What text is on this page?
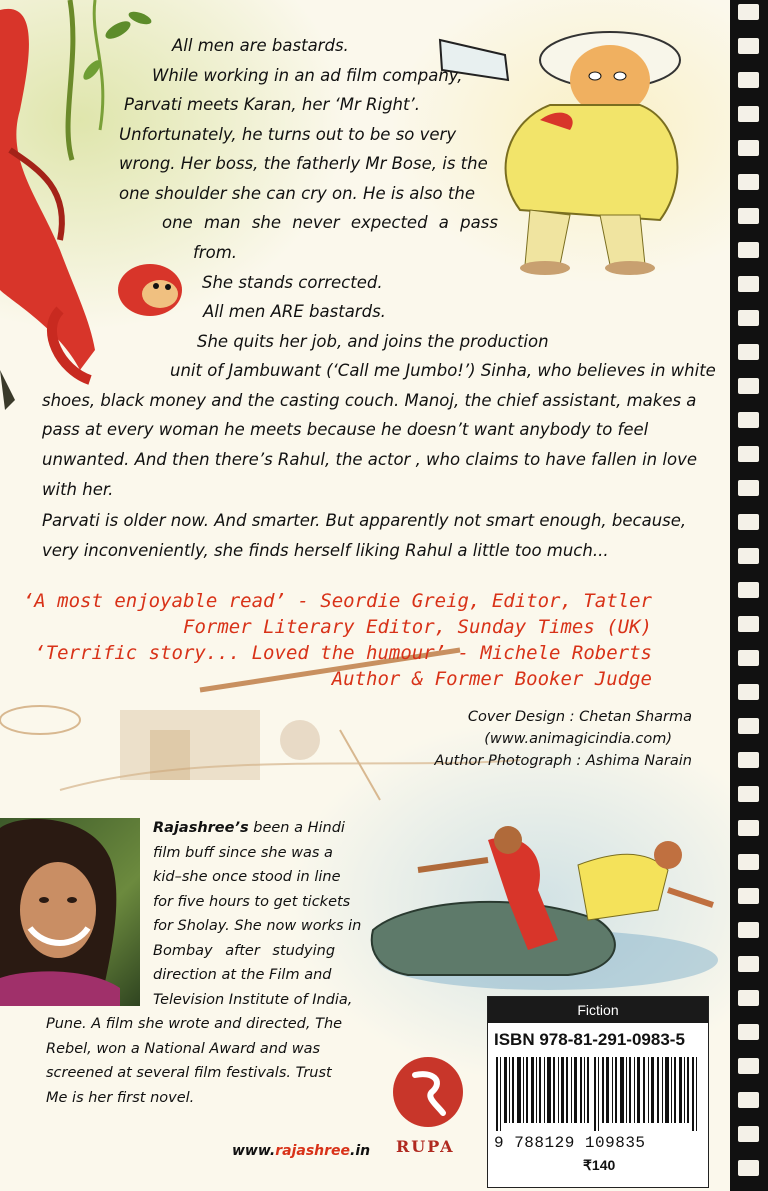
All men are bastards.

While working in an ad film company,

Parvati meets Karan, her ‘Mr Right’.

Unfortunately, he turns out to be so very

wrong. Her boss, the fatherly Mr Bose, is the

one shoulder she can cry on. He is also the

one man she never expected a pass

from.

She stands corrected.

All men ARE bastards.

She quits her job, and joins the production

unit of Jambuwant (‘Call me Jumbo!’) Sinha, who believes in white

shoes, black money and the casting couch. Manoj, the chief assistant, makes a

pass at every woman he meets because he doesn’t want anybody to feel

unwanted. And then there’s Rahul, the actor , who claims to have fallen in love

with her.

Parvati is older now. And smarter. But apparently not smart enough, because,

very inconveniently, she finds herself liking Rahul a little too much...

‘A most enjoyable read’ - Seordie Greig, Editor, Tatler

Former Literary Editor, Sunday Times (UK)

‘Terrific story... Loved the humour’ - Michele Roberts

Author & Former Booker Judge

Cover Design : Chetan Sharma

(www.animagicindia.com)

Author Photograph : Ashima Narain

Rajashree’s been a Hindi

film buff since she was a

kid–she once stood in line

for five hours to get tickets

for Sholay. She now works in

Bombay after studying

direction at the Film and

Television Institute of India,

Pune. A film she wrote and directed, The

Rebel, won a National Award and was

screened at several film festivals. Trust

Me is her first novel.

www.rajashree.in RUPA
Fiction
ISBN 978-81-291-0983-5
9 788129 109835
₹140
